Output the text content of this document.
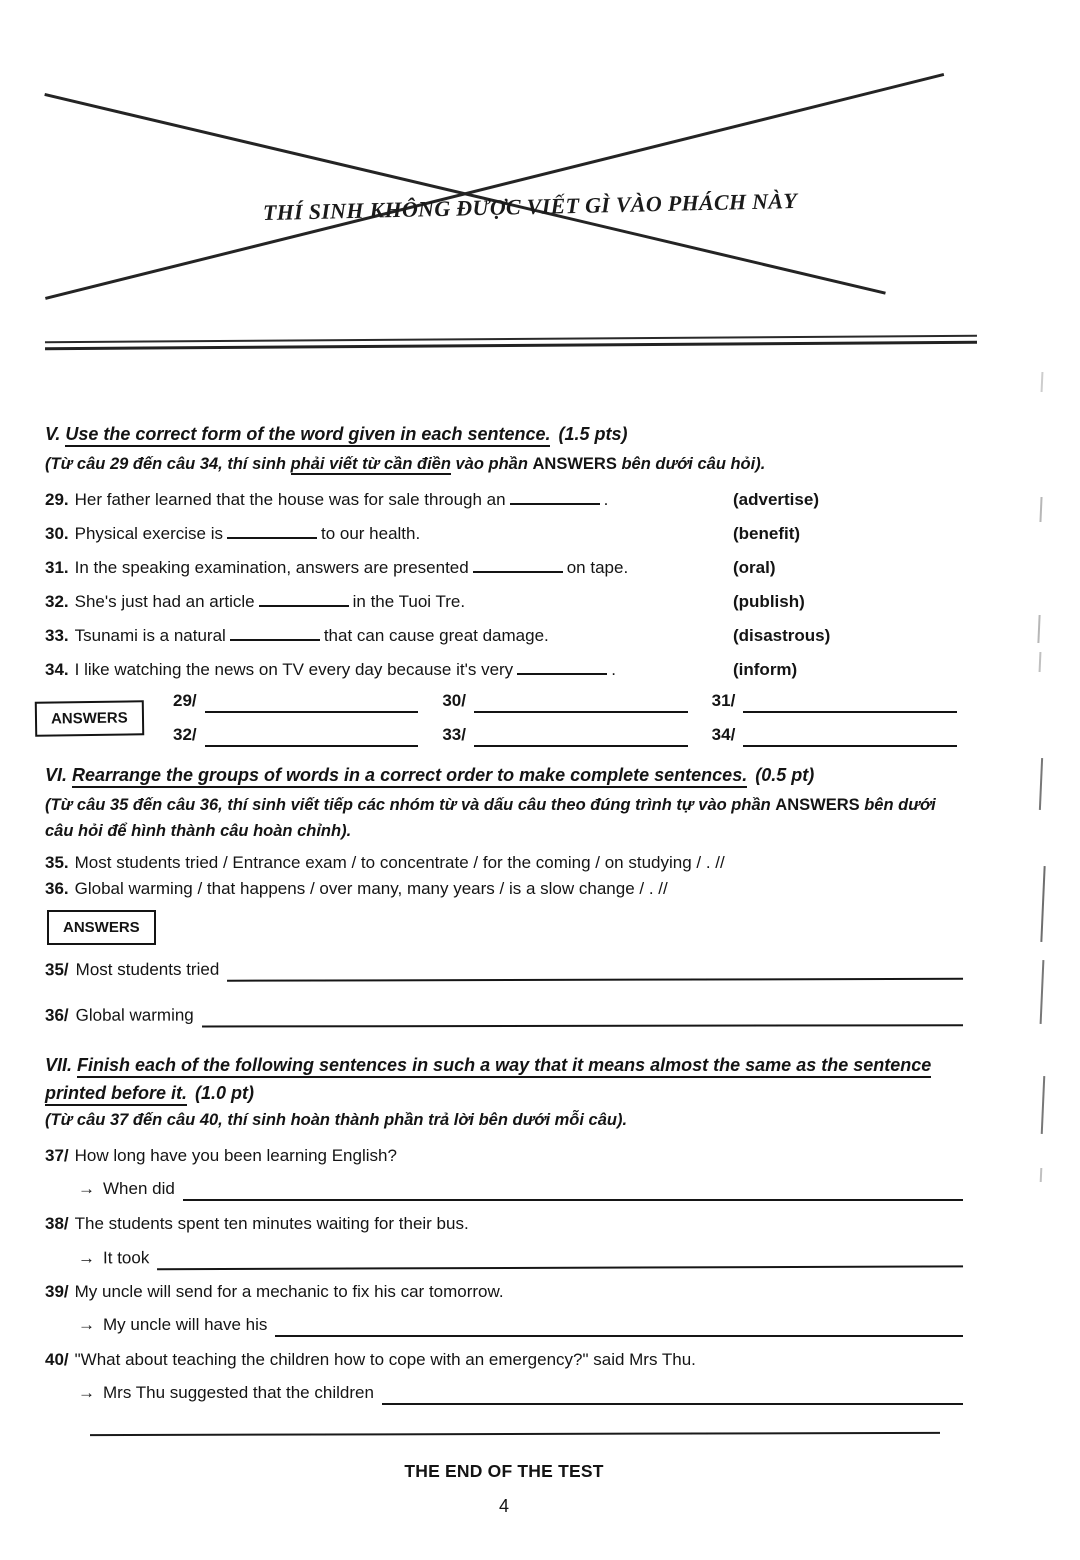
THÍ SINH KHÔNG ĐƯỢC VIẾT GÌ VÀO PHÁCH NÀY
V. Use the correct form of the word given in each sentence. (1.5 pts)
(Từ câu 29 đến câu 34, thí sinh phải viết từ cần điền vào phần ANSWERS bên dưới câu hỏi).
29. Her father learned that the house was for sale through an	.	(advertise)
30. Physical exercise is	to our health.	(benefit)
31. In the speaking examination, answers are presented	on tape.	(oral)
32. She's just had an article	in the Tuoi Tre.	(publish)
33. Tsunami is a natural	that can cause great damage.	(disastrous)
34. I like watching the news on TV every day because it's very	.	(inform)
ANSWERS
29/	30/	31/
32/	33/	34/
VI. Rearrange the groups of words in a correct order to make complete sentences. (0.5 pt)
(Từ câu 35 đến câu 36, thí sinh viết tiếp các nhóm từ và dấu câu theo đúng trình tự vào phần ANSWERS bên dưới câu hỏi để hình thành câu hoàn chỉnh).
35. Most students tried / Entrance exam / to concentrate / for the coming / on studying / . //
36. Global warming / that happens / over many, many years / is a slow change / . //
ANSWERS
35/ Most students tried
36/ Global warming
VII. Finish each of the following sentences in such a way that it means almost the same as the sentence printed before it. (1.0 pt)
(Từ câu 37 đến câu 40, thí sinh hoàn thành phần trả lời bên dưới mỗi câu).
37/ How long have you been learning English?
→ When did
38/ The students spent ten minutes waiting for their bus.
→ It took
39/ My uncle will send for a mechanic to fix his car tomorrow.
→ My uncle will have his
40/ "What about teaching the children how to cope with an emergency?" said Mrs Thu.
→ Mrs Thu suggested that the children
THE END OF THE TEST
4
